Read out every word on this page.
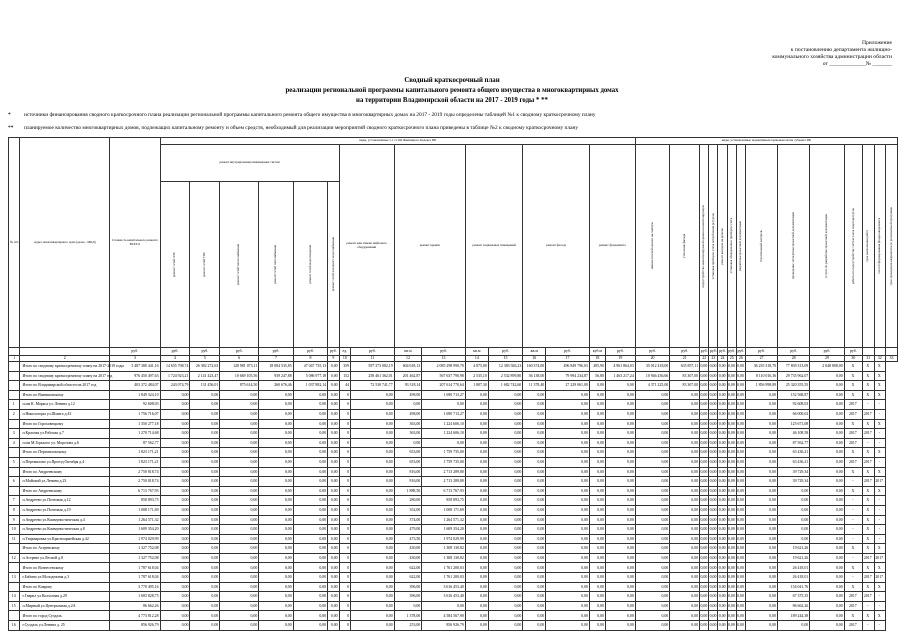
Приложение
к постановлению департамента жилищно-
коммунального хозяйства администрации области
от _____________№ _______
Сводный краткосрочный план
реализации региональной программы капитального ремонта общего имущества в многоквартирных домах
на территории Владимирской области на 2017 - 2019 годы * **
* источники финансирования сводного краткосрочного плана реализации региональной программы капитального ремонта общего имущества в многоквартирных домах на 2017 - 2019 годы определены таблицей №1 к сводному краткосрочному плану
** планируемое количество многоквартирных домов, подлежащих капитальному ремонту и объем средств, необходимый для реализации мероприятий сводного краткосрочного плана приведены в таблице №2 к сводному краткосрочному плану
№ п/п	Адрес многоквартирного дома (далее - МКД)	Стоимость капитального ремонта ВСЕГО	виды, установленные ч.1 ст.166 Жилищного Кодекса РФ																виды, установленные нормативным правовым актом субъекта РФ													

			ремонт внутридомовых инженерных систем						ремонт или замена лифтового оборудования		ремонт крыши		ремонт подвальных помещений		ремонт фасада		ремонт фундамента		замена плоской кровли на скатную	утепление фасада	переустройство невентилируемой крыши на вентилируемую	установка приборов учета потребления ресурсов	ремонт выходов на кровлю	установка общедомовых приборов учета	разработка проектной документации	строительный контроль	проведение экспертизы проектной документации	услуги по разработке проектной документации	работы по переустройству систем учета энергоресурсов	срок выполнения работ	способ формирования фонда капремонта	срок проведения капремонта по региональной программе

			ремонт сетей ЭЭС	ремонт сетей ТВС	ремонт сетей теплоснабжения	ремонт сетей газоснабжения	ремонт сетей водоотведения	ремонт сетей холодного водоснабжения																								

		руб.	руб.	руб.	руб.	руб.	руб.	руб.	ед.	руб.	кв.м	руб.	кв.м	руб.	кв.м	руб.	куб.м	руб.	руб.	руб.	руб.	руб.	руб.	руб.	руб.	руб.	руб.	руб.	руб.			
1	2	3	4	5	6	7	8	9	10	11	12	13	14	15	16	17	18	19	20	21	22	23	24	25	26	27	28	29	30	31	32	33
	Итого по сводному краткосрочному плану на 2017-2019 годы	5 487 380 441,16	14 655 708,74	26 382 272,63	128 981 073,11	18 084 535,85	47 047 735,13	0,00	359	597 373 082,19	604 618,13	2 085 298 990,70	4 875,00	12 383 926,23	160 374,00	496 849 796,03	285,90	4 961 864,03	35 012 418,00	635 857,11	0,00	0,00	0,00	0,00	0,00	36 235 318,70	77 839 313,09	2 048 808,00	X	X	X	
	Итого по сводному краткосрочному плану на 2017 год	976 450 497,63	1 724 923,21	2 141 423,47	10 669 105,56	939 247,88	5 086 977,18	0,00	152	258 461 362,01	201 462,87	567 637 790,98	2 535,10	2 532 899,80	36 138,00	79 994 234,87	56,80	1 463 217,24	10 946 436,66	83 307,00	0,00	0,00	0,00	0,00	0,00	8 110 016,36	29 735 962,07	0,00	X	X	X	
	Итого по Владимирской области на 2017 год	403 372 484,07	243 074,79	131 456,01	875 614,50	260 676,46	1 037 882,14	0,00	44	72 530 741,77	93 318,14	207 614 770,64	1 807,30	1 682 742,60	11 378,40	27 229 061,00	0,00	0,00	4 371 225,00	83 307,00	0,00	0,00	0,00	0,00	0,00	1 856 998,89	25 320 355,55	0,00	X	X	X	
	Итого по Вязниковскому	1 849 324,10	0,00	0,00	0,00	0,00	0,00	0,00	0	0,00	498,00	1 690 713,27	0,00	0,00	0,00	0,00	0,00	0,00	0,00	0,00	0,00	0,00	0,00	0,00	0,00	0,00	152 568,87	0,00	X	X	X	
1	п.им К. Маркса ул. Ленина д.12	92 608,03	0,00	0,00	0,00	0,00	0,00	0,00	0	0,00	0,00	0,00	0,00	0,00	0,00	0,00	0,00	0,00	0,00	0,00	0,00	0,00	0,00	0,00	0,00	0,00	92 608,03	0,00	2017	-	-	
2	п.Никологоры ул.Шмита д.43	1 756 716,07	0,00	0,00	0,00	0,00	0,00	0,00	0	0,00	498,00	1 690 713,27	0,00	0,00	0,00	0,00	0,00	0,00	0,00	0,00	0,00	0,00	0,00	0,00	0,00	0,00	66 000,02	0,00	2017	2017	-	
	Итого по Гороховецкому	1 350 277,18	0,00	0,00	0,00	0,00	0,00	0,00	0	0,00	363,00	1 224 606,10	0,00	0,00	0,00	0,00	0,00	0,00	0,00	0,00	0,00	0,00	0,00	0,00	0,00	0,00	125 671,08	0,00	X	X	X	
3	п.Красная ул.Рабочая д.7	1 270 714,68	0,00	0,00	0,00	0,00	0,00	0,00	0	0,00	363,00	1 224 606,10	0,00	0,00	0,00	0,00	0,00	0,00	0,00	0,00	0,00	0,00	0,00	0,00	0,00	0,00	46 108,58	0,00	2017	2017	-	
4	п.им М.Горького ул. Морозова д.6	87 562,77	0,00	0,00	0,00	0,00	0,00	0,00	0	0,00	0,00	0,00	0,00	0,00	0,00	0,00	0,00	0,00	0,00	0,00	0,00	0,00	0,00	0,00	0,00	0,00	87 562,77	0,00	2017	-	-	
	Итого по Перемиловскому	1 823 171,21	0,00	0,00	0,00	0,00	0,00	0,00	0	0,00	653,00	1 759 735,00	0,00	0,00	0,00	0,00	0,00	0,00	0,00	0,00	0,00	0,00	0,00	0,00	0,00	0,00	63 436,21	0,00	X	X	X	
5	п.Перемилово ул.Проезд Октября д.4	1 823 171,21	0,00	0,00	0,00	0,00	0,00	0,00	0	0,00	653,00	1 759 735,00	0,00	0,00	0,00	0,00	0,00	0,00	0,00	0,00	0,00	0,00	0,00	0,00	0,00	0,00	63 436,21	0,00	2017	2017	-	
	Итого по Андреевскому	2 750 818,74	0,00	0,00	0,00	0,00	0,00	0,00	0	0,00	816,00	2 713 289,80	0,00	0,00	0,00	0,00	0,00	0,00	0,00	0,00	0,00	0,00	0,00	0,00	0,00	0,00	39 729,34	0,00	X	X	X	
6	п.Майский ул.Ленина д.23	2 750 818,74	0,00	0,00	0,00	0,00	0,00	0,00	0	0,00	816,00	2 713 289,80	0,00	0,00	0,00	0,00	0,00	0,00	0,00	0,00	0,00	0,00	0,00	0,00	0,00	0,00	39 729,34	0,00	-	2017	2017	
	Итого по Андреевскому	6 713 767,93	0,00	0,00	0,00	0,00	0,00	0,00	0	0,00	1 888,50	6 713 767,93	0,00	0,00	0,00	0,00	0,00	0,00	0,00	0,00	0,00	0,00	0,00	0,00	0,00	0,00	0,00	0,00	X	X	X	
7	п.Андреево ул.Почтовая д.12	858 893,75	0,00	0,00	0,00	0,00	0,00	0,00	0	0,00	280,00	858 893,75	0,00	0,00	0,00	0,00	0,00	0,00	0,00	0,00	0,00	0,00	0,00	0,00	0,00	0,00	0,00	0,00	-	X	-	
8	п.Андреево ул.Почтовая д.19	1 008 171,69	0,00	0,00	0,00	0,00	0,00	0,00	0	0,00	352,00	1 008 171,69	0,00	0,00	0,00	0,00	0,00	0,00	0,00	0,00	0,00	0,00	0,00	0,00	0,00	0,00	0,00	0,00	-	X	-	
9	п.Андреево ул.Коммунистическая д.4	1 264 571,32	0,00	0,00	0,00	0,00	0,00	0,00	0	0,00	374,00	1 264 571,32	0,00	0,00	0,00	0,00	0,00	0,00	0,00	0,00	0,00	0,00	0,00	0,00	0,00	0,00	0,00	0,00	-	X	-	
10	п.Андреево ул.Коммунистическая д.8	1 609 354,20	0,00	0,00	0,00	0,00	0,00	0,00	0	0,00	479,00	1 609 354,20	0,00	0,00	0,00	0,00	0,00	0,00	0,00	0,00	0,00	0,00	0,00	0,00	0,00	0,00	0,00	0,00	-	X	-	
11	п.Тюрмировка ул.Красноармейская д.42	1 974 029,99	0,00	0,00	0,00	0,00	0,00	0,00	0	0,00	473,50	1 974 029,99	0,00	0,00	0,00	0,00	0,00	0,00	0,00	0,00	0,00	0,00	0,00	0,00	0,00	0,00	0,00	0,00	-	X	-	
	Итого по Асеревскому	1 327 752,08	0,00	0,00	0,00	0,00	0,00	0,00	0	0,00	430,00	1 308 130,82	0,00	0,00	0,00	0,00	0,00	0,00	0,00	0,00	0,00	0,00	0,00	0,00	0,00	0,00	19 621,26	0,00	X	X	X	
12	п.Асерево ул.Лесной д.8	1 327 752,08	0,00	0,00	0,00	0,00	0,00	0,00	0	0,00	430,00	1 308 130,82	0,00	0,00	0,00	0,00	0,00	0,00	0,00	0,00	0,00	0,00	0,00	0,00	0,00	0,00	19 621,26	0,00	-	2017	2017	
	Итого по Вознесенскому	1 787 618,04	0,00	0,00	0,00	0,00	0,00	0,00	0	0,00	622,00	1 761 200,03	0,00	0,00	0,00	0,00	0,00	0,00	0,00	0,00	0,00	0,00	0,00	0,00	0,00	0,00	26 418,01	0,00	X	X	X	
13	г.Бабино ул.Молодежная д.3	1 787 618,04	0,00	0,00	0,00	0,00	0,00	0,00	0	0,00	622,00	1 761 200,03	0,00	0,00	0,00	0,00	0,00	0,00	0,00	0,00	0,00	0,00	0,00	0,00	0,00	0,00	26 418,01	0,00	-	2017	2017	
	Итого по Коврову	3 770 495,16	0,00	0,00	0,00	0,00	0,00	0,00	0	0,00	396,00	3 616 453,40	0,00	0,00	0,00	0,00	0,00	0,00	0,00	0,00	0,00	0,00	0,00	0,00	0,00	0,00	154 041,76	0,00	X	X	X	
14	г.Гаврил ул.Колхозная д.29	1 683 828,75	0,00	0,00	0,00	0,00	0,00	0,00	0	0,00	396,00	3 616 453,40	0,00	0,00	0,00	0,00	0,00	0,00	0,00	0,00	0,00	0,00	0,00	0,00	0,00	0,00	67 375,35	0,00	2017	2017	-	
15	п.Мирный ул.Центральная д.2А	86 662,26	0,00	0,00	0,00	0,00	0,00	0,00	0	0,00	0,00	0,00	0,00	0,00	0,00	0,00	0,00	0,00	0,00	0,00	0,00	0,00	0,00	0,00	0,00	0,00	86 662,26	0,00	2017	-	-	
	Итого по город Суздаль	4 773 812,28	0,00	0,00	0,00	0,00	0,00	0,00	0	0,00	1 378,00	4 584 567,90	0,00	0,00	0,00	0,00	0,00	0,00	0,00	0,00	0,00	0,00	0,00	0,00	0,00	0,00	189 244,38	0,00	X	X	X	
16	г.Суздаль ул.Ленина д. 25	856 926,79	0,00	0,00	0,00	0,00	0,00	0,00	0	0,00	253,00	856 926,79	0,00	0,00	0,00	0,00	0,00	0,00	0,00	0,00	0,00	0,00	0,00	0,00	0,00	0,00	0,00	0,00	2017	-	-	
